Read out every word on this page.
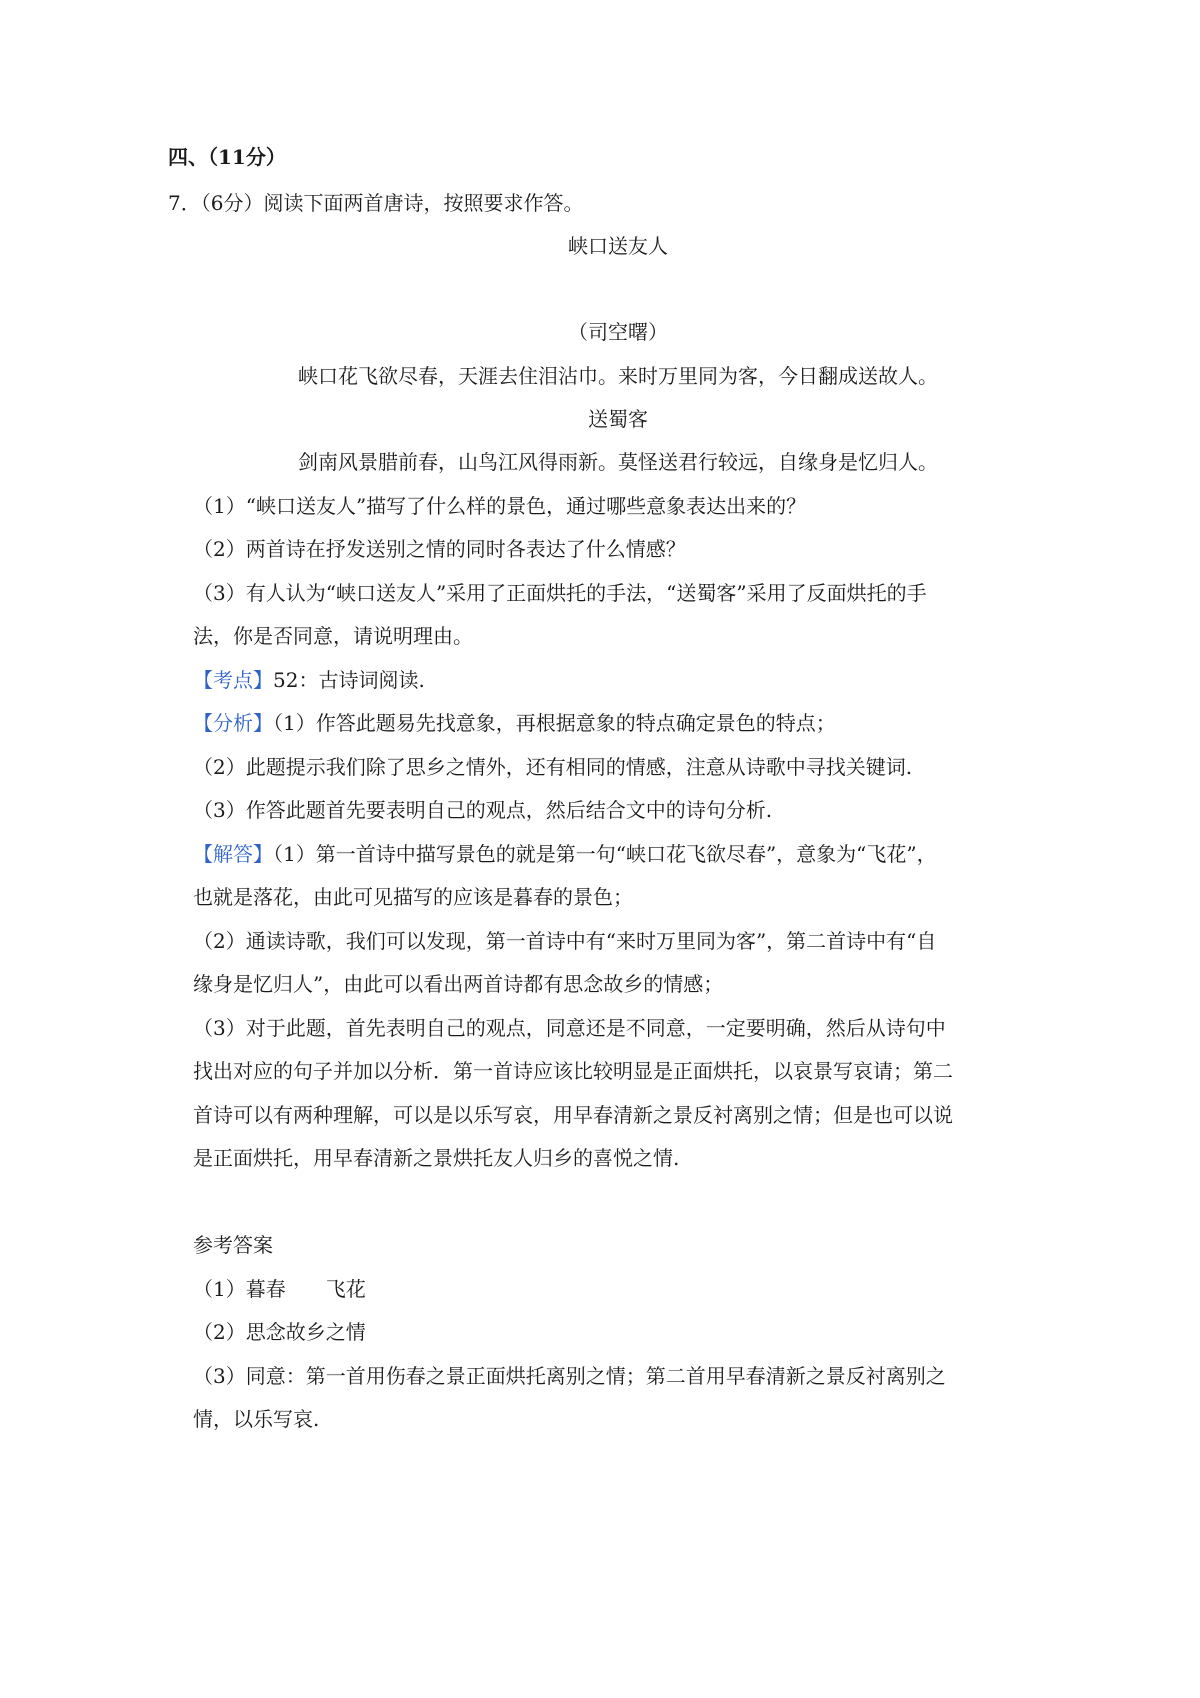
四、（11分）
7．（6分）阅读下面两首唐诗，按照要求作答。
峡口送友人
（司空曙）
峡口花飞欲尽春，天涯去住泪沾巾。来时万里同为客，今日翻成送故人。
送蜀客
剑南风景腊前春，山鸟江风得雨新。莫怪送君行较远，自缘身是忆归人。
（1）“峡口送友人”描写了什么样的景色，通过哪些意象表达出来的？
（2）两首诗在抒发送别之情的同时各表达了什么情感？
（3）有人认为“峡口送友人”采用了正面烘托的手法，“送蜀客”采用了反面烘托的手
法，你是否同意，请说明理由。
【考点】52：古诗词阅读.
【分析】（1）作答此题易先找意象，再根据意象的特点确定景色的特点；
（2）此题提示我们除了思乡之情外，还有相同的情感，注意从诗歌中寻找关键词.
（3）作答此题首先要表明自己的观点，然后结合文中的诗句分析.
【解答】（1）第一首诗中描写景色的就是第一句“峡口花飞欲尽春”，意象为“飞花”，
也就是落花，由此可见描写的应该是暮春的景色；
（2）通读诗歌，我们可以发现，第一首诗中有“来时万里同为客”，第二首诗中有“自
缘身是忆归人”，由此可以看出两首诗都有思念故乡的情感；
（3）对于此题，首先表明自己的观点，同意还是不同意，一定要明确，然后从诗句中
找出对应的句子并加以分析．第一首诗应该比较明显是正面烘托，以哀景写哀请；第二
首诗可以有两种理解，可以是以乐写哀，用早春清新之景反衬离别之情；但是也可以说
是正面烘托，用早春清新之景烘托友人归乡的喜悦之情.
参考答案
（1）暮春　　飞花
（2）思念故乡之情
（3）同意：第一首用伤春之景正面烘托离别之情；第二首用早春清新之景反衬离别之
情，以乐写哀.
